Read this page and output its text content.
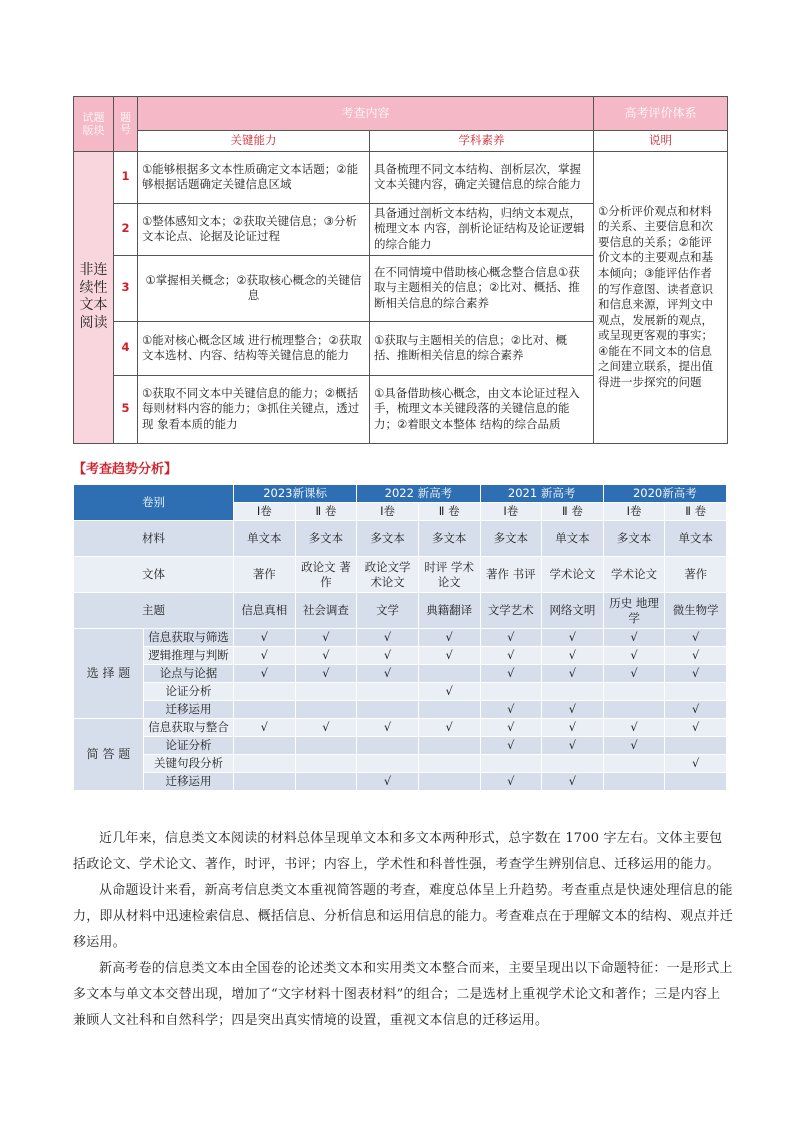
试题版块	题号	考查内容		高考评价体系
		关键能力	学科素养	说明
非连续性文本阅读	1	①能够根据多文本性质确定文本话题；②能够根据话题确定关键信息区域	具备梳理不同文本结构、剖析层次，掌握文本关键内容，确定关键信息的综合能力	①分析评价观点和材料的关系、主要信息和次要信息的关系；②能评价文本的主要观点和基本倾向；③能评估作者的写作意图、读者意识和信息来源，评判文中观点，发展新的观点，或呈现更客观的事实；④能在不同文本的信息之间建立联系，提出值得进一步探究的问题
	2	①整体感知文本；②获取关键信息；③分析文本论点、论据及论证过程	具备通过剖析文本结构，归纳文本观点，梳理文本 内容，剖析论证结构及论证逻辑的综合能力	
	3	①掌握相关概念；②获取核心概念的关键信息	在不同情境中借助核心概念整合信息①获取与主题相关的信息；②比对、概括、推断相关信息的综合素养	
	4	①能对核心概念区域 进行梳理整合；②获取文本选材、内容、结构等关键信息的能力	①获取与主题相关的信息；②比对、概括、推断相关信息的综合素养	
	5	①获取不同文本中关键信息的能力；②概括每则材料内容的能力；③抓住关键点，透过现 象看本质的能力	①具备借助核心概念，由文本论证过程入手，梳理文本关键段落的关键信息的能力；②着眼文本整体 结构的综合品质	
【考查趋势分析】
卷别		2023新课标		2022 新高考		2021 新高考		2020新高考	
		Ⅰ卷	Ⅱ 卷	Ⅰ卷	Ⅱ 卷	Ⅰ卷	Ⅱ 卷	Ⅰ卷	Ⅱ 卷
材料		单文本	多文本	多文本	多文本	多文本	单文本	多文本	单文本
文体		著作	政论文 著作	政论文学术论文	时评 学术论文	著作 书评	学术论文	学术论文	著作
主题		信息真相	社会调查	文学	典籍翻译	文学艺术	网络文明	历史 地理学	微生物学
选 择 题	信息获取与筛选	√	√	√	√	√	√	√	√
	逻辑推理与判断	√	√	√	√	√	√	√	√
	论点与论据	√	√	√		√	√	√	√
	论证分析				√				
	迁移运用					√	√		√
简 答 题	信息获取与整合	√	√	√	√	√	√	√	√
	论证分析					√	√	√	
	关键句段分析								√
	迁移运用			√		√	√		
近几年来，信息类文本阅读的材料总体呈现单文本和多文本两种形式，总字数在 1700 字左右。文体主要包括政论文、学术论文、著作，时评，书评；内容上，学术性和科普性强，考查学生辨别信息、迁移运用的能力。
从命题设计来看，新高考信息类文本重视简答题的考查，难度总体呈上升趋势。考查重点是快速处理信息的能力，即从材料中迅速检索信息、概括信息、分析信息和运用信息的能力。考查难点在于理解文本的结构、观点并迁移运用。
新高考卷的信息类文本由全国卷的论述类文本和实用类文本整合而来，主要呈现出以下命题特征：一是形式上多文本与单文本交替出现，增加了“文字材料十图表材料”的组合；二是选材上重视学术论文和著作；三是内容上兼顾人文社科和自然科学；四是突出真实情境的设置，重视文本信息的迁移运用。
